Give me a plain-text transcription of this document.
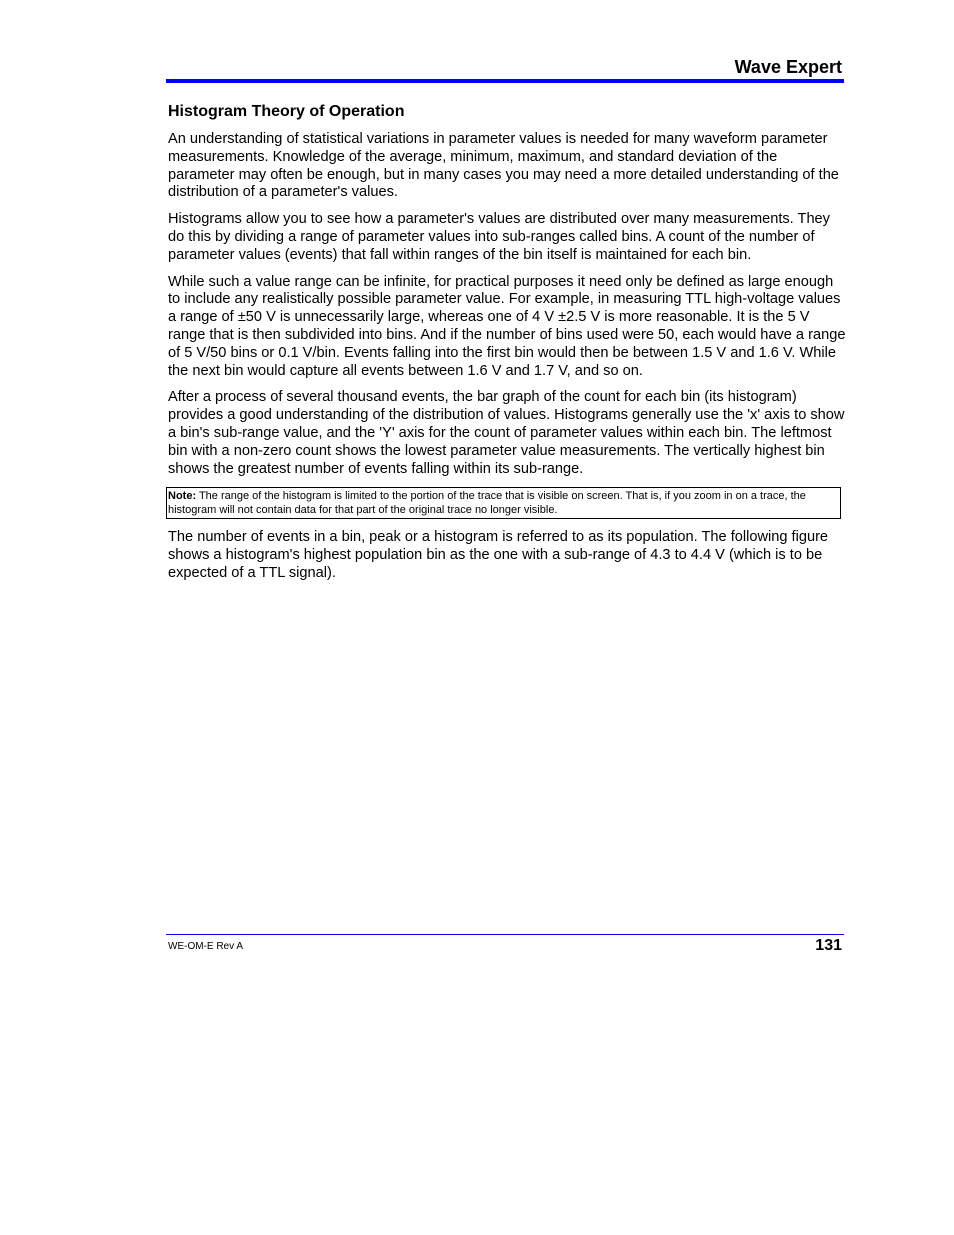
Wave Expert
Histogram Theory of Operation

An understanding of statistical variations in parameter values is needed for many waveform parameter measurements. Knowledge of the average, minimum, maximum, and standard deviation of the parameter may often be enough, but in many cases you may need a more detailed understanding of the distribution of a parameter's values.

Histograms allow you to see how a parameter's values are distributed over many measurements. They do this by dividing a range of parameter values into sub-ranges called bins. A count of the number of parameter values (events) that fall within ranges of the bin itself is maintained for each bin.

While such a value range can be infinite, for practical purposes it need only be defined as large enough to include any realistically possible parameter value. For example, in measuring TTL high-voltage values a range of ±50 V is unnecessarily large, whereas one of 4 V ±2.5 V is more reasonable. It is the 5 V range that is then subdivided into bins. And if the number of bins used were 50, each would have a range of 5 V/50 bins or 0.1 V/bin. Events falling into the first bin would then be between 1.5 V and 1.6 V. While the next bin would capture all events between 1.6 V and 1.7 V, and so on.

After a process of several thousand events, the bar graph of the count for each bin (its histogram) provides a good understanding of the distribution of values. Histograms generally use the 'x' axis to show a bin's sub-range value, and the 'Y' axis for the count of parameter values within each bin. The leftmost bin with a non-zero count shows the lowest parameter value measurements. The vertically highest bin shows the greatest number of events falling within its sub-range.

Note: The range of the histogram is limited to the portion of the trace that is visible on screen. That is, if you zoom in on a trace, the histogram will not contain data for that part of the original trace no longer visible.

The number of events in a bin, peak or a histogram is referred to as its population. The following figure shows a histogram's highest population bin as the one with a sub-range of 4.3 to 4.4 V (which is to be expected of a TTL signal).

WE-OM-E Rev A	131
